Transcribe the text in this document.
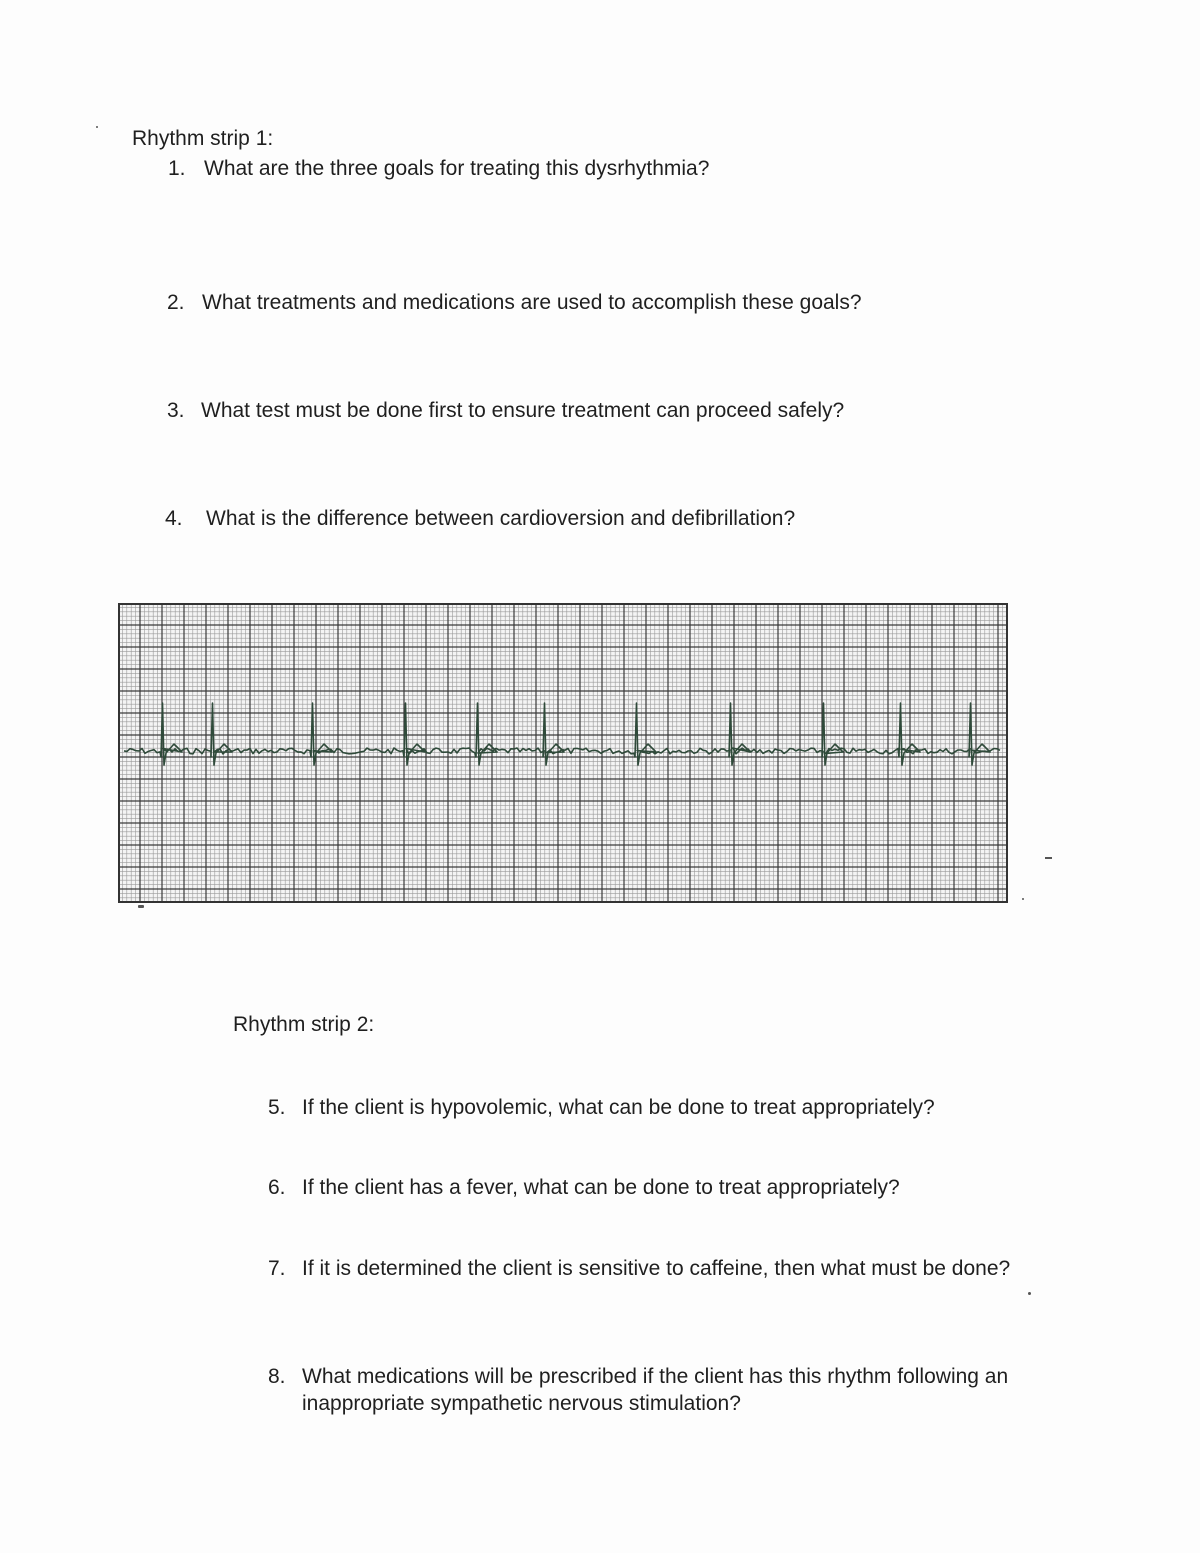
Rhythm strip 1:
1. What are the three goals for treating this dysrhythmia?
2. What treatments and medications are used to accomplish these goals?
3. What test must be done first to ensure treatment can proceed safely?
4.	What is the difference between cardioversion and defibrillation?
Rhythm strip 2:
5. If the client is hypovolemic, what can be done to treat appropriately?
6. If the client has a fever, what can be done to treat appropriately?
7. If it is determined the client is sensitive to caffeine, then what must be done?
8. What medications will be prescribed if the client has this rhythm following an inappropriate sympathetic nervous stimulation?
